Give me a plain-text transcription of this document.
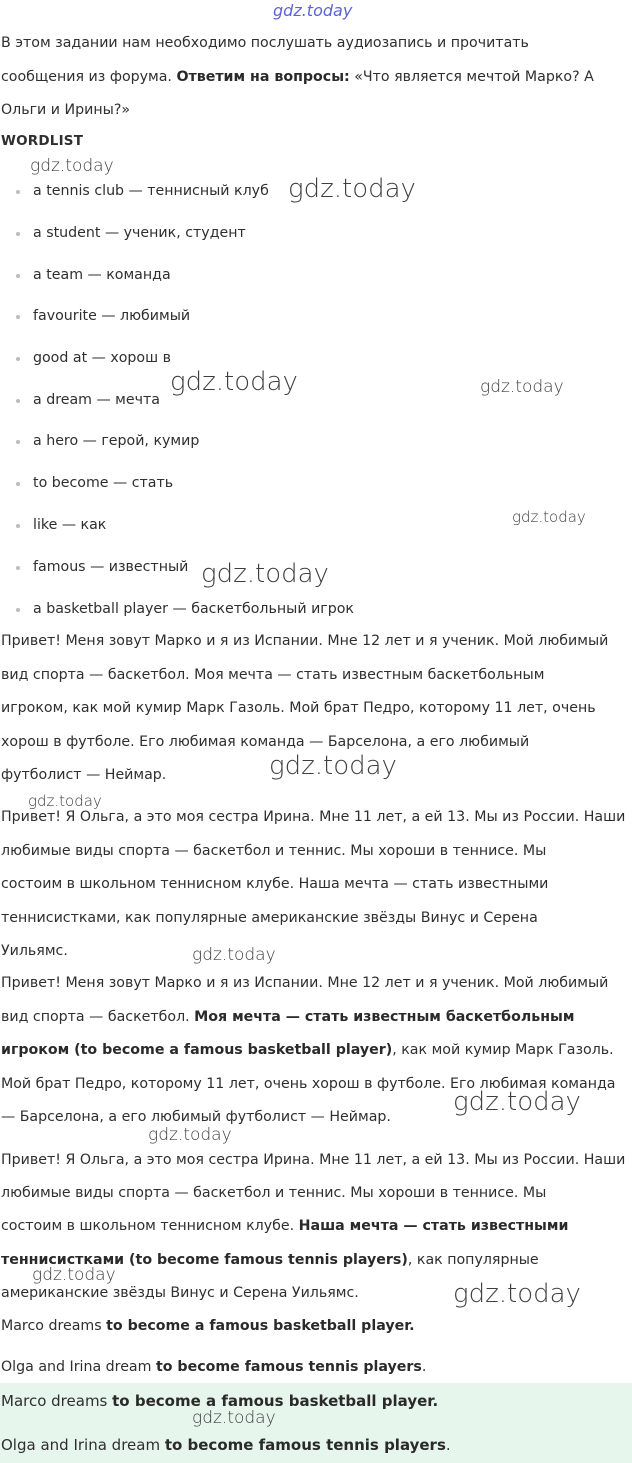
В этом задании нам необходимо послушать аудиозапись и прочитать
сообщения из форума. Ответим на вопросы: «Что является мечтой Марко? А
Ольги и Ирины?»
WORDLIST
a tennis club — теннисный клуб
a student — ученик, студент
a team — команда
favourite — любимый
good at — хорош в
a dream — мечта
a hero — герой, кумир
to become — стать
like — как
famous — известный
a basketball player — баскетбольный игрок
Привет! Меня зовут Марко и я из Испании. Мне 12 лет и я ученик. Мой любимый
вид спорта — баскетбол. Моя мечта — стать известным баскетбольным
игроком, как мой кумир Марк Газоль. Мой брат Педро, которому 11 лет, очень
хорош в футболе. Его любимая команда — Барселона, а его любимый
футболист — Неймар.
Привет! Я Ольга, а это моя сестра Ирина. Мне 11 лет, а ей 13. Мы из России. Наши
любимые виды спорта — баскетбол и теннис. Мы хороши в теннисе. Мы
состоим в школьном теннисном клубе. Наша мечта — стать известными
теннисистками, как популярные американские звёзды Винус и Серена
Уильямс.
Привет! Меня зовут Марко и я из Испании. Мне 12 лет и я ученик. Мой любимый
вид спорта — баскетбол. Моя мечта — стать известным баскетбольным
игроком (to become a famous basketball player), как мой кумир Марк Газоль.
Мой брат Педро, которому 11 лет, очень хорош в футболе. Его любимая команда
— Барселона, а его любимый футболист — Неймар.
Привет! Я Ольга, а это моя сестра Ирина. Мне 11 лет, а ей 13. Мы из России. Наши
любимые виды спорта — баскетбол и теннис. Мы хороши в теннисе. Мы
состоим в школьном теннисном клубе. Наша мечта — стать известными
теннисистками (to become famous tennis players), как популярные
американские звёзды Винус и Серена Уильямс.
Marco dreams to become a famous basketball player.
Olga and Irina dream to become famous tennis players.
Marco dreams to become a famous basketball player.
Olga and Irina dream to become famous tennis players.
gdz.today
gdz.today
gdz.today
gdz.today	gdz.today
gdz.today
gdz.today
gdz.today
gdz.today
gdz.today
gdz.today
gdz.today
gdz.today
gdz.today
gdz.today
